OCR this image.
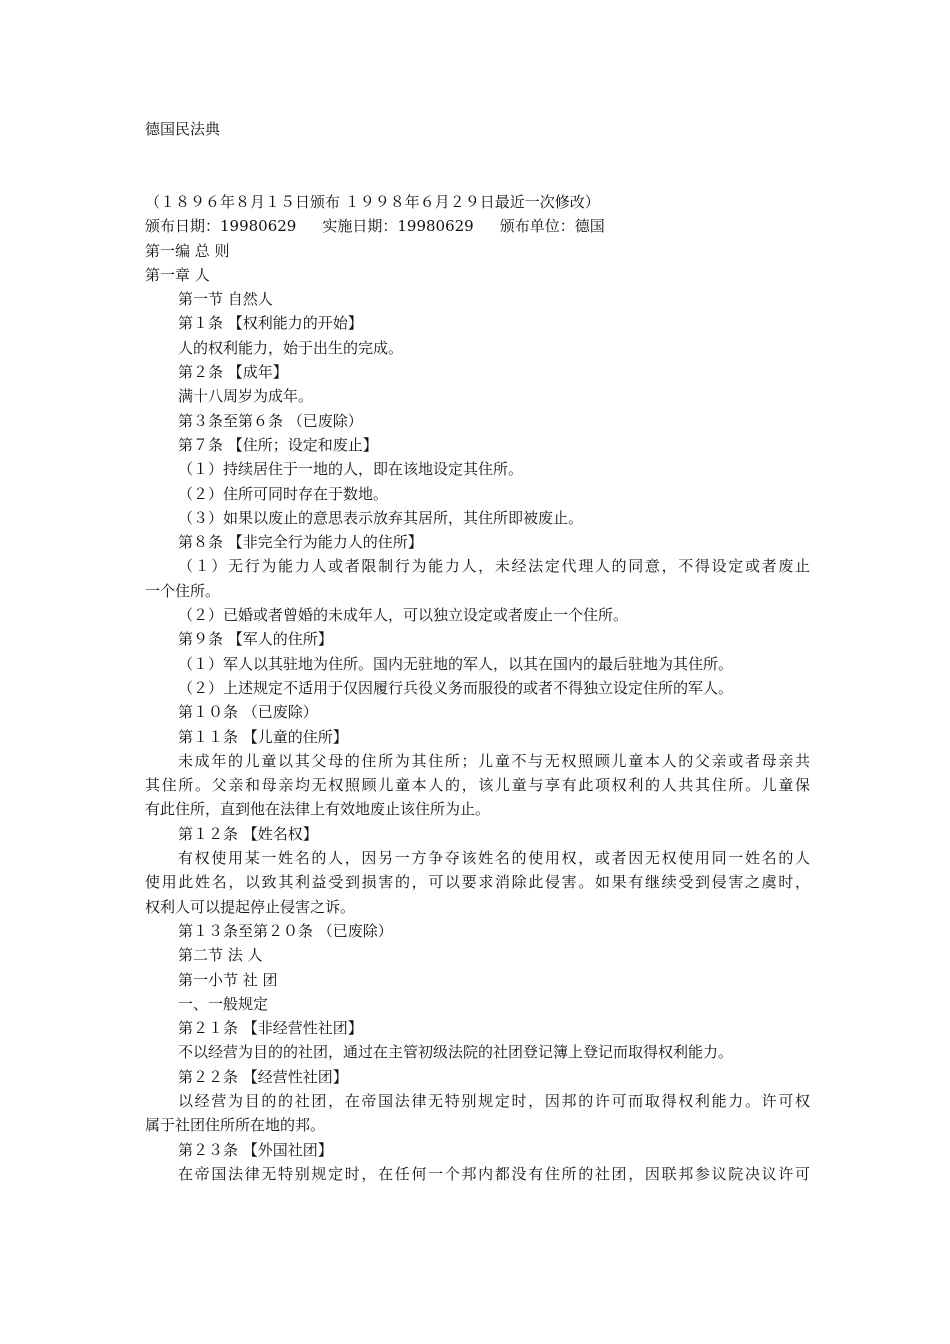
德国民法典
（１８９６年８月１５日颁布 １９９８年６月２９日最近一次修改）
颁布日期：19980629 实施日期：19980629 颁布单位：德国
第一编 总 则
第一章 人
第一节 自然人
第１条 【权利能力的开始】
人的权利能力，始于出生的完成。
第２条 【成年】
满十八周岁为成年。
第３条至第６条 （已废除）
第７条 【住所；设定和废止】
（１）持续居住于一地的人，即在该地设定其住所。
（２）住所可同时存在于数地。
（３）如果以废止的意思表示放弃其居所，其住所即被废止。
第８条 【非完全行为能力人的住所】
（１）无行为能力人或者限制行为能力人，未经法定代理人的同意，不得设定或者废止
一个住所。
（２）已婚或者曾婚的未成年人，可以独立设定或者废止一个住所。
第９条 【军人的住所】
（１）军人以其驻地为住所。国内无驻地的军人，以其在国内的最后驻地为其住所。
（２）上述规定不适用于仅因履行兵役义务而服役的或者不得独立设定住所的军人。
第１０条 （已废除）
第１１条 【儿童的住所】
未成年的儿童以其父母的住所为其住所；儿童不与无权照顾儿童本人的父亲或者母亲共
其住所。父亲和母亲均无权照顾儿童本人的，该儿童与享有此项权利的人共其住所。儿童保
有此住所，直到他在法律上有效地废止该住所为止。
第１２条 【姓名权】
有权使用某一姓名的人，因另一方争夺该姓名的使用权，或者因无权使用同一姓名的人
使用此姓名，以致其利益受到损害的，可以要求消除此侵害。如果有继续受到侵害之虞时，
权利人可以提起停止侵害之诉。
第１３条至第２０条 （已废除）
第二节 法 人
第一小节 社 团
一、一般规定
第２１条 【非经营性社团】
不以经营为目的的社团，通过在主管初级法院的社团登记簿上登记而取得权利能力。
第２２条 【经营性社团】
以经营为目的的社团，在帝国法律无特别规定时，因邦的许可而取得权利能力。许可权
属于社团住所所在地的邦。
第２３条 【外国社团】
在帝国法律无特别规定时，在任何一个邦内都没有住所的社团，因联邦参议院决议许可
